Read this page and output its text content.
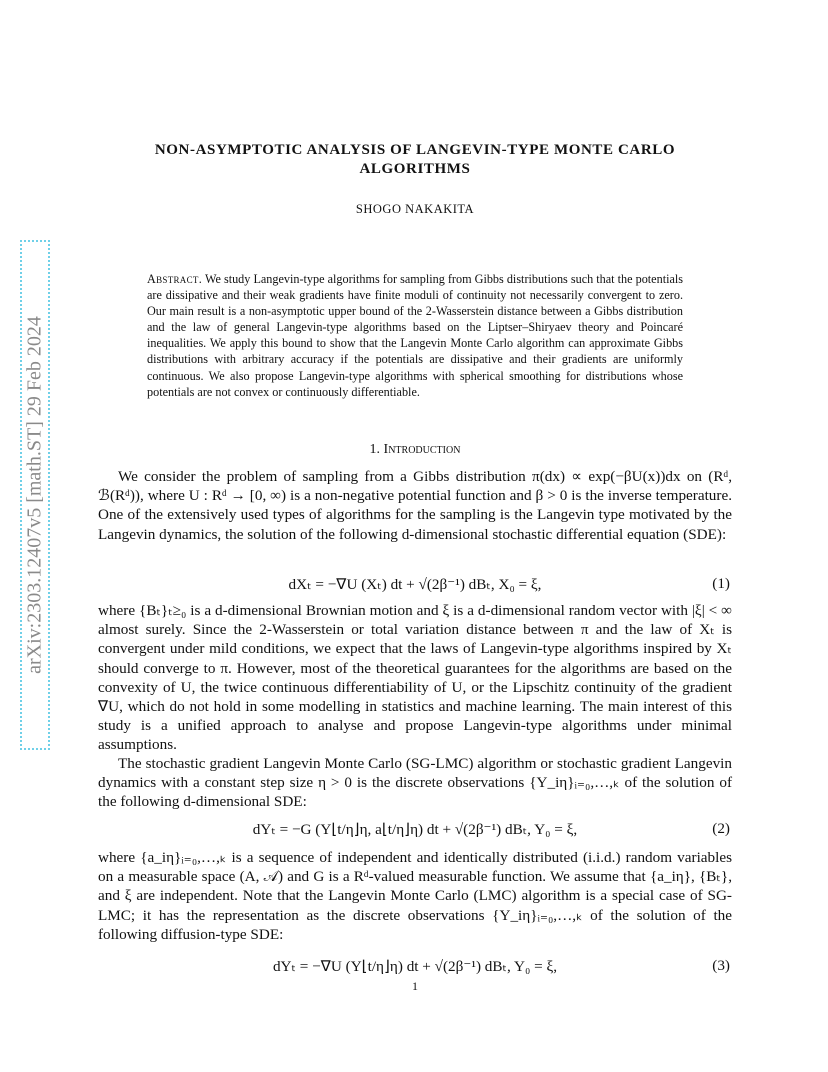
arXiv:2303.12407v5 [math.ST] 29 Feb 2024
NON-ASYMPTOTIC ANALYSIS OF LANGEVIN-TYPE MONTE CARLO
ALGORITHMS
SHOGO NAKAKITA
Abstract. We study Langevin-type algorithms for sampling from Gibbs distributions such that the potentials are dissipative and their weak gradients have finite moduli of continuity not necessarily convergent to zero. Our main result is a non-asymptotic upper bound of the 2-Wasserstein distance between a Gibbs distribution and the law of general Langevin-type algorithms based on the Liptser–Shiryaev theory and Poincaré inequalities. We apply this bound to show that the Langevin Monte Carlo algorithm can approximate Gibbs distributions with arbitrary accuracy if the potentials are dissipative and their gradients are uniformly continuous. We also propose Langevin-type algorithms with spherical smoothing for distributions whose potentials are not convex or continuously differentiable.
1. Introduction
We consider the problem of sampling from a Gibbs distribution π(dx) ∝ exp(−βU(x))dx on (Rᵈ, ℬ(Rᵈ)), where U : Rᵈ → [0, ∞) is a non-negative potential function and β > 0 is the inverse temperature. One of the extensively used types of algorithms for the sampling is the Langevin type motivated by the Langevin dynamics, the solution of the following d-dimensional stochastic differential equation (SDE):
dXₜ = −∇U (Xₜ) dt + √(2β⁻¹) dBₜ, X₀ = ξ,	(1)
where {Bₜ}ₜ≥₀ is a d-dimensional Brownian motion and ξ is a d-dimensional random vector with |ξ| < ∞ almost surely. Since the 2-Wasserstein or total variation distance between π and the law of Xₜ is convergent under mild conditions, we expect that the laws of Langevin-type algorithms inspired by Xₜ should converge to π. However, most of the theoretical guarantees for the algorithms are based on the convexity of U, the twice continuous differentiability of U, or the Lipschitz continuity of the gradient ∇U, which do not hold in some modelling in statistics and machine learning. The main interest of this study is a unified approach to analyse and propose Langevin-type algorithms under minimal assumptions.
The stochastic gradient Langevin Monte Carlo (SG-LMC) algorithm or stochastic gradient Langevin dynamics with a constant step size η > 0 is the discrete observations {Y_iη}ᵢ₌₀,…,ₖ of the solution of the following d-dimensional SDE:
dYₜ = −G (Y⌊t/η⌋η, a⌊t/η⌋η) dt + √(2β⁻¹) dBₜ, Y₀ = ξ,	(2)
where {a_iη}ᵢ₌₀,…,ₖ is a sequence of independent and identically distributed (i.i.d.) random variables on a measurable space (A, 𝒜) and G is a Rᵈ-valued measurable function. We assume that {a_iη}, {Bₜ}, and ξ are independent. Note that the Langevin Monte Carlo (LMC) algorithm is a special case of SG-LMC; it has the representation as the discrete observations {Y_iη}ᵢ₌₀,…,ₖ of the solution of the following diffusion-type SDE:
dYₜ = −∇U (Y⌊t/η⌋η) dt + √(2β⁻¹) dBₜ, Y₀ = ξ,	(3)
1
